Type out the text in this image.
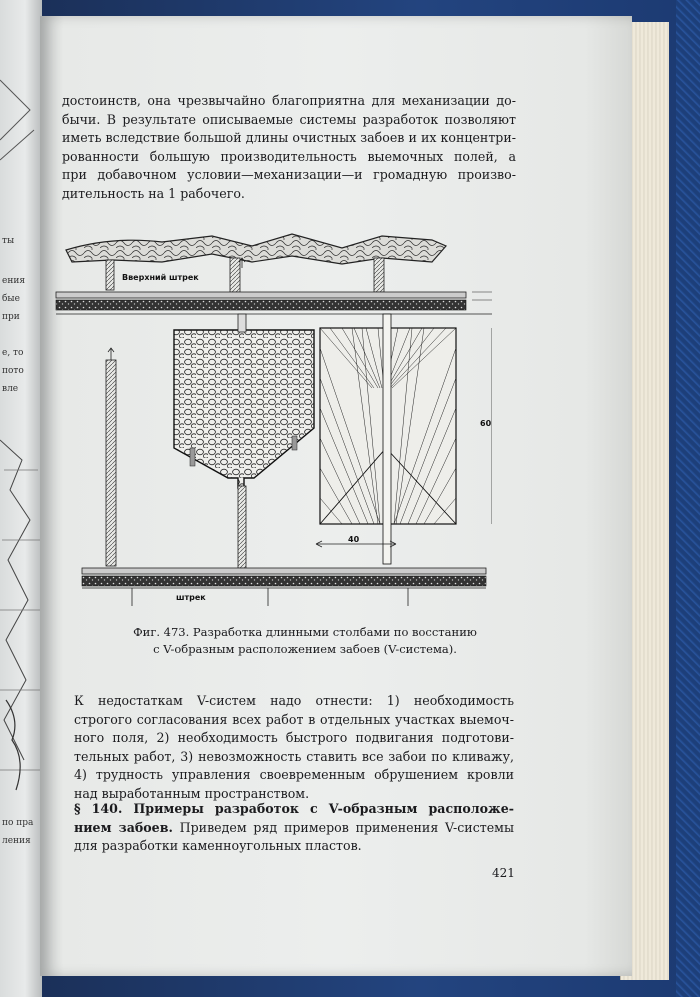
ты
ения
бые
при
е, то
пото
вле
по пра
ления

достоинств, она чрезвычайно благоприятна для механизации до-

бычи. В результате описываемые системы разработок позволяют

иметь вследствие большой длины очистных забоев и их концентри-

рованности большую производительность выемочных полей, а

при добавочном условии—механизации—и громадную произво-

дительность на 1 рабочего.

Вверхний штрек
40
60
штрек

Фиг. 473. Разработка длинными столбами по восстанию

с V-образным расположением забоев (V-система).

К недостаткам V-систем надо отнести: 1) необходимость

строгого согласования всех работ в отдельных участках выемоч-

ного поля, 2) необходимость быстрого подвигания подготови-

тельных работ, 3) невозможность ставить все забои по кливажу,

4) трудность управления своевременным обрушением кровли

над выработанным пространством.

§ 140. Примеры разработок с V-образным расположе-

нием забоев. Приведем ряд примеров применения V-системы

для разработки каменноугольных пластов.

421
